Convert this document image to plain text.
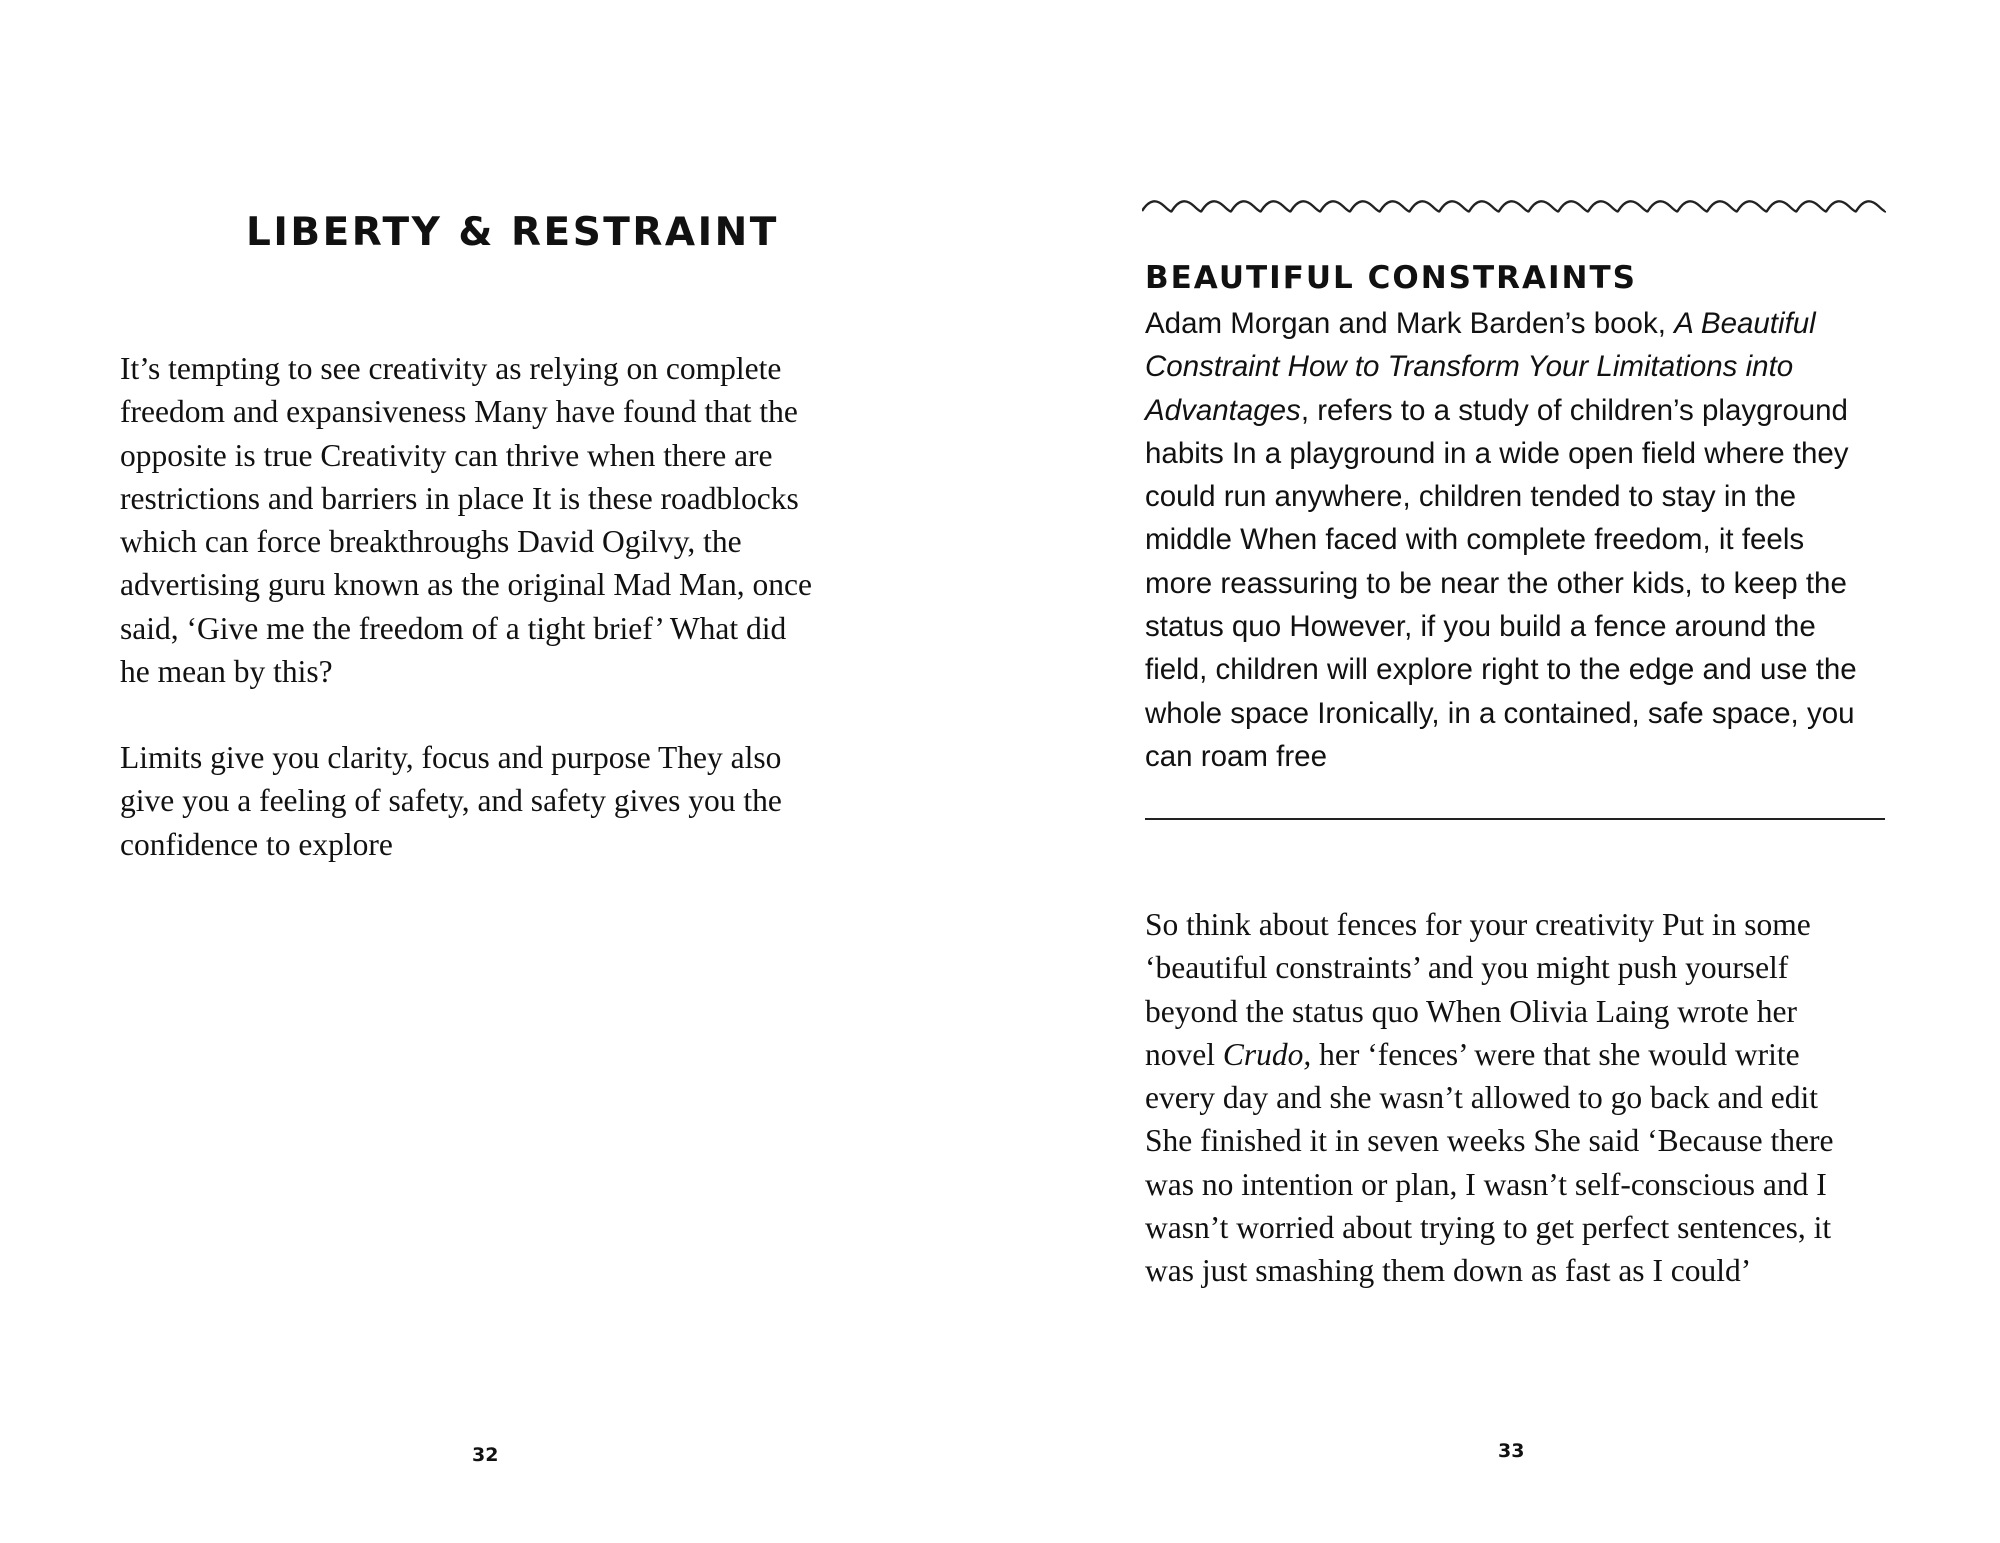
LIBERTY & RESTRAINT

It’s tempting to see creativity as relying on complete
freedom and expansiveness Many have found that the
opposite is true Creativity can thrive when there are
restrictions and barriers in place It is these roadblocks
which can force breakthroughs David Ogilvy, the
advertising guru known as the original Mad Man, once
said, ‘Give me the freedom of a tight brief’ What did
he mean by this?

Limits give you clarity, focus and purpose They also
give you a feeling of safety, and safety gives you the
confidence to explore

32
BEAUTIFUL CONSTRAINTS

Adam Morgan and Mark Barden’s book, A Beautiful
Constraint How to Transform Your Limitations into
Advantages, refers to a study of children’s playground
habits In a playground in a wide open field where they
could run anywhere, children tended to stay in the
middle When faced with complete freedom, it feels
more reassuring to be near the other kids, to keep the
status quo However, if you build a fence around the
field, children will explore right to the edge and use the
whole space Ironically, in a contained, safe space, you
can roam free

So think about fences for your creativity Put in some
‘beautiful constraints’ and you might push yourself
beyond the status quo When Olivia Laing wrote her
novel Crudo, her ‘fences’ were that she would write
every day and she wasn’t allowed to go back and edit
She finished it in seven weeks She said ‘Because there
was no intention or plan, I wasn’t self-conscious and I
wasn’t worried about trying to get perfect sentences, it
was just smashing them down as fast as I could’

33
